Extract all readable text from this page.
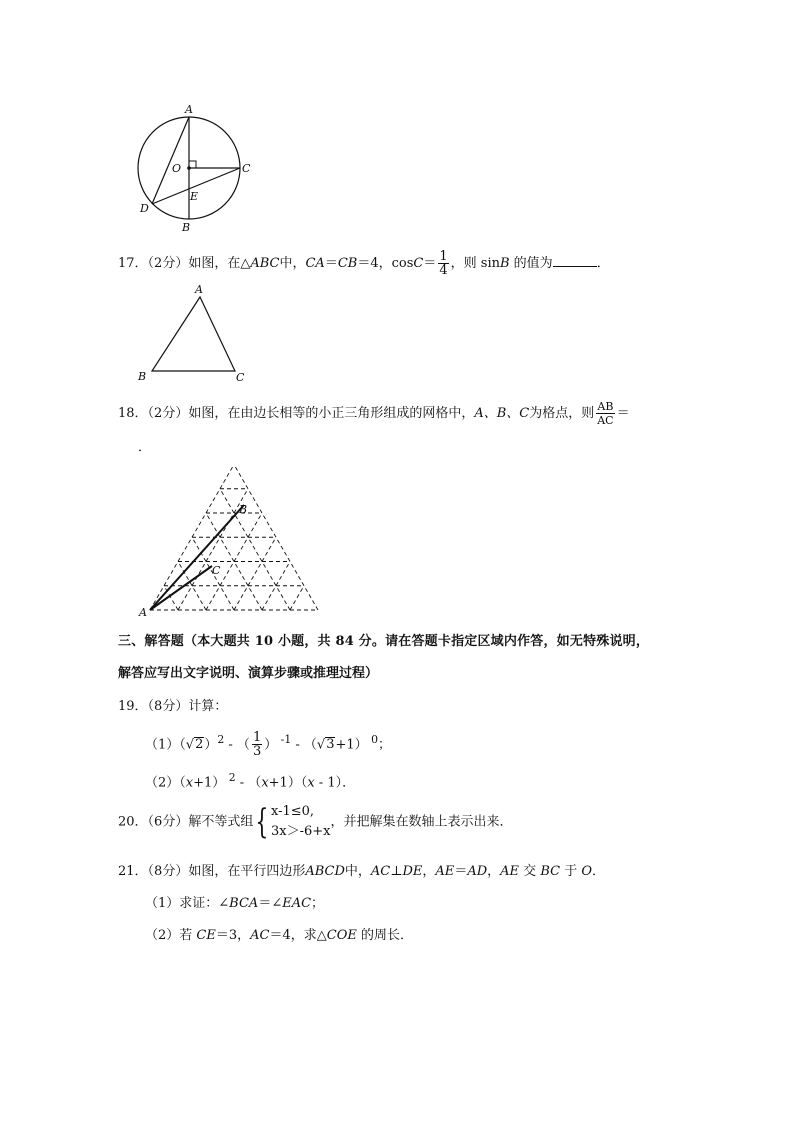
A
O	C
E
D
B
17．（2分）如图，在△ABC中，CA＝CB＝4，$\cos C= \frac{1}{4}$ ，则 sinB 的值为	．
A
B	C
18．（2分）如图，在由边长相等的小正三角形组成的网格中，A、B、C为格点，则 $\frac{AB}{AC}$ ＝
．
A
B
C
三、解答题（本大题共 10 小题，共 84 分。请在答题卡指定区域内作答，如无特殊说明，
解答应写出文字说明、演算步骤或推理过程）
19．（8分）计算：
$(1)(√2)^2$ - （ $\frac{1}{3}$ ） $^{-1}$ - （√3+1） $^0$；
（2）（x+1） $^2$ - （x+1）（x - 1）．
20．（6分）解不等式组{ x-1≤0,
3x＞-6+x
，并把解集在数轴上表示出来．
21．（8分）如图，在平行四边形ABCD中，AC⊥DE，AE＝AD，AE 交 BC 于 O．
（1）求证：∠BCA＝∠EAC；
（2）若 CE＝3，AC＝4，求△COE 的周长．
